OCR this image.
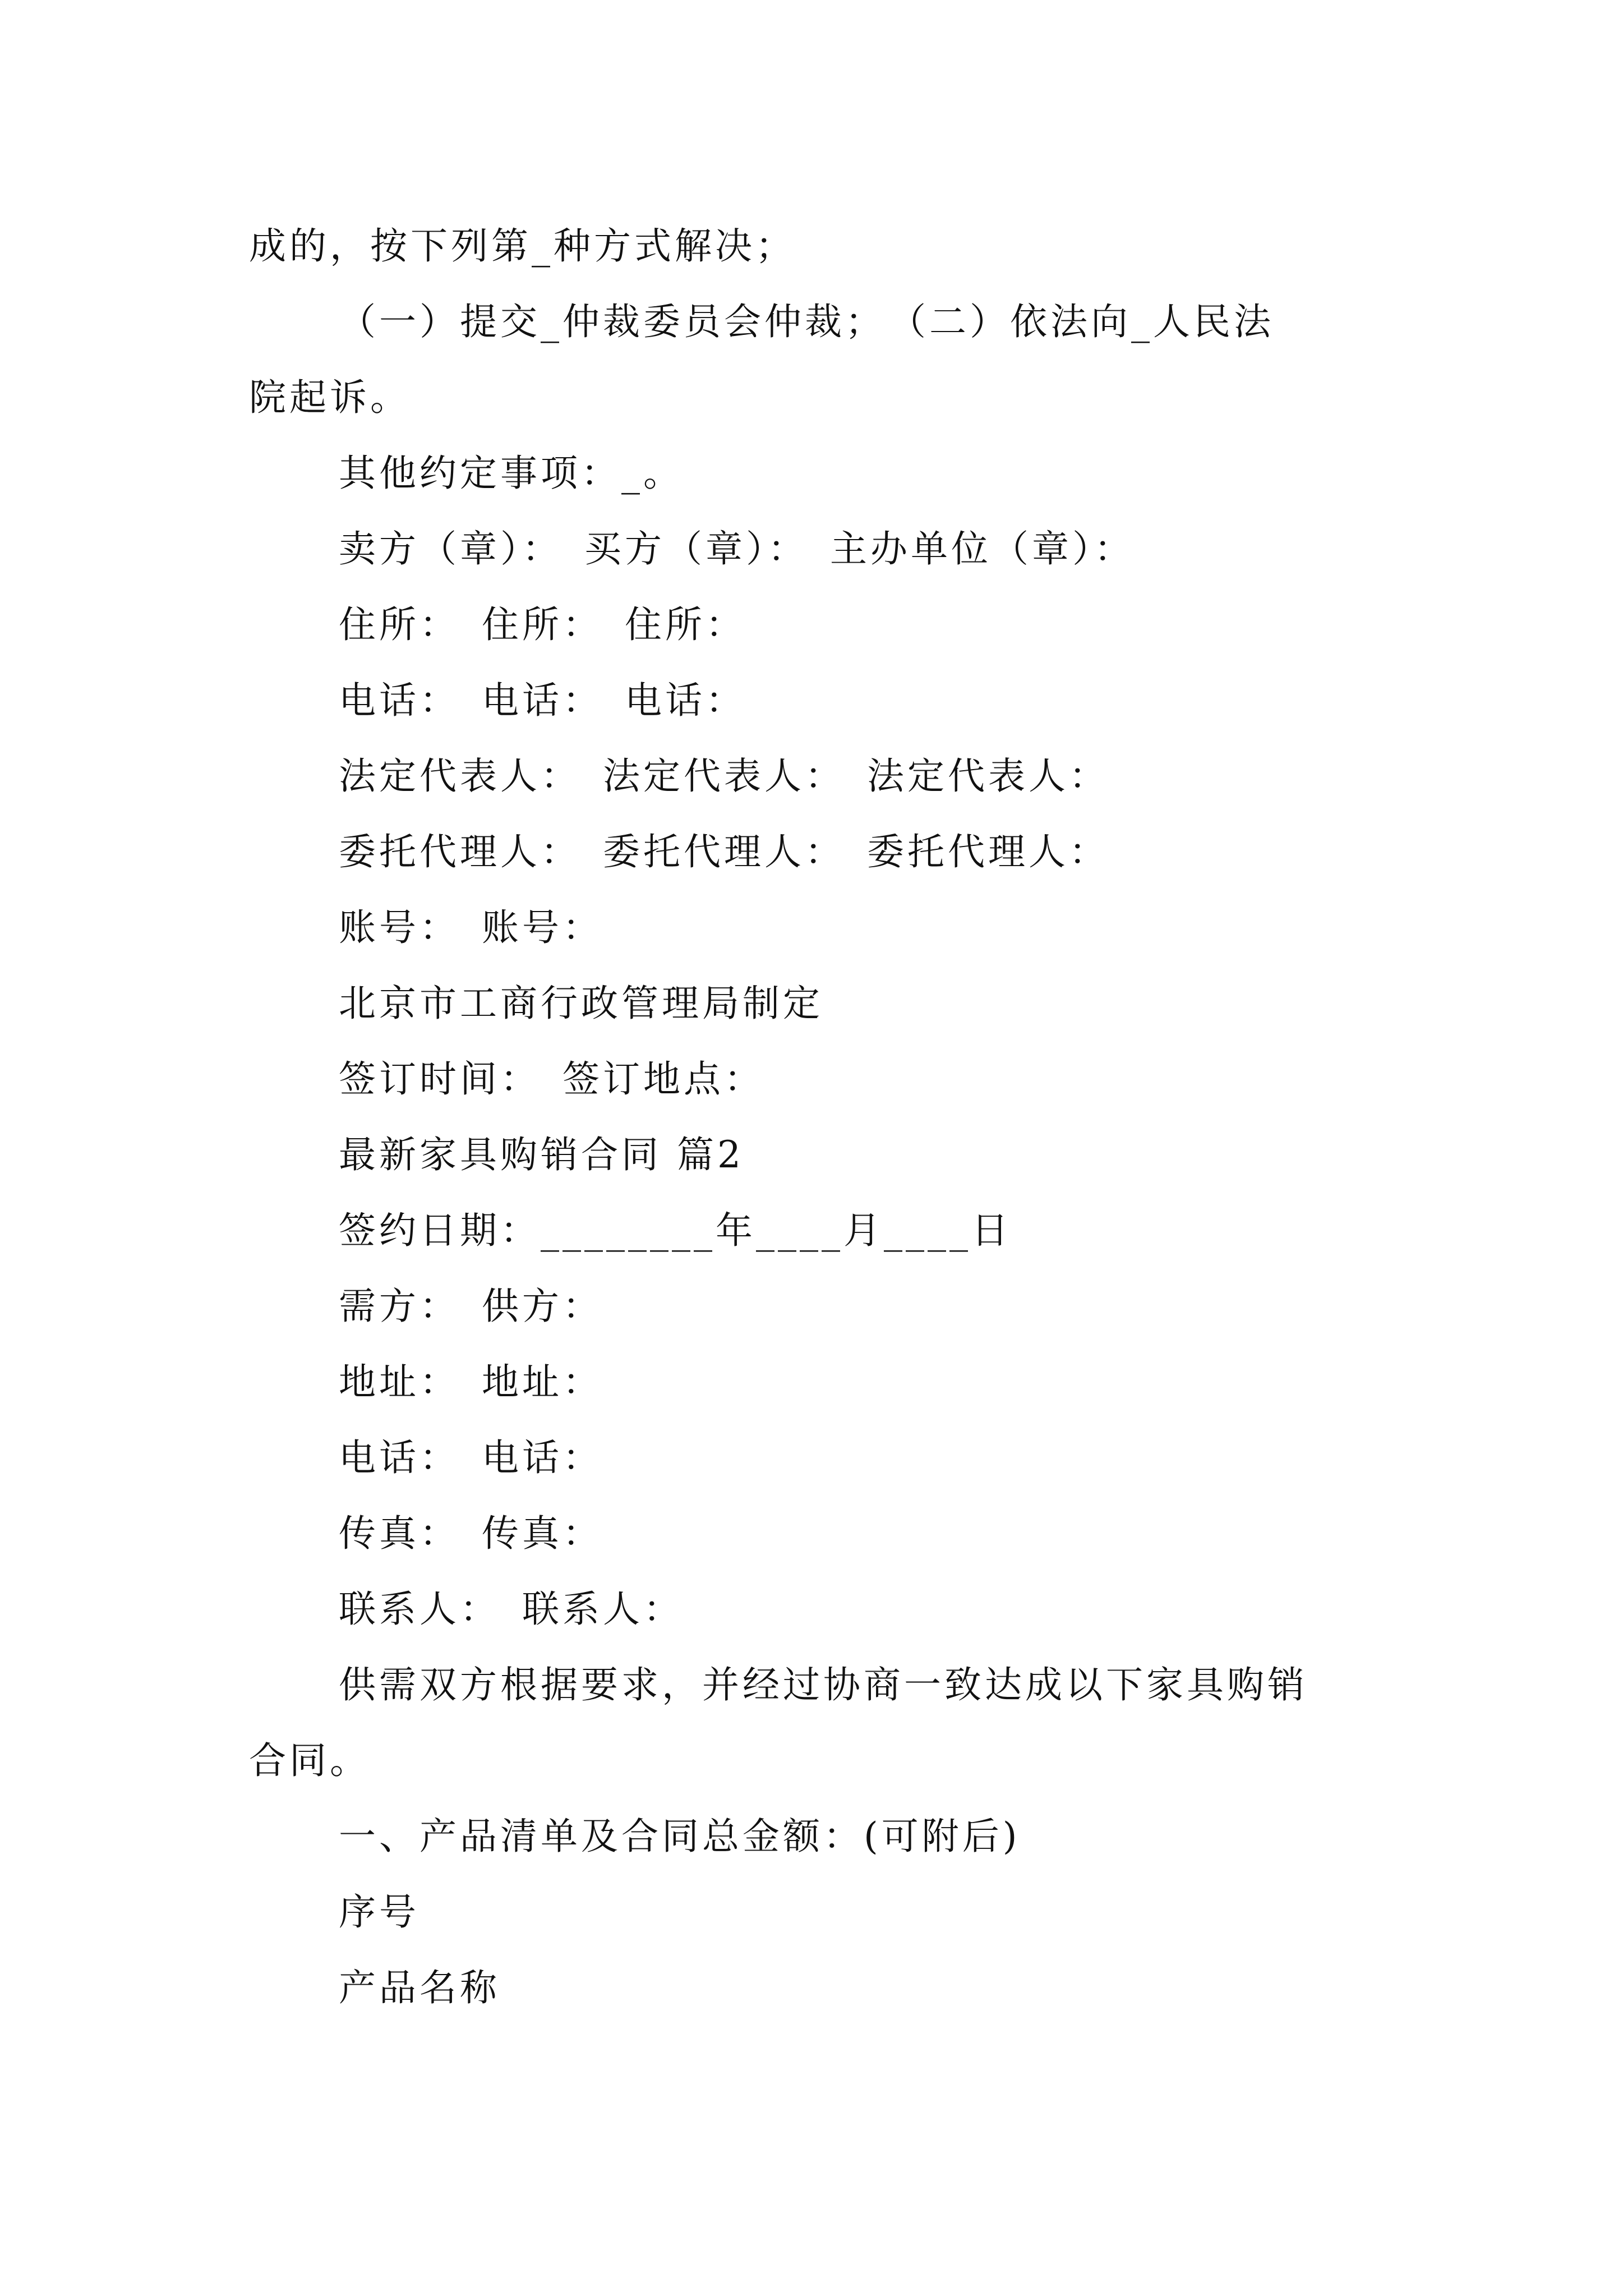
成的，按下列第_种方式解决；
（一）提交_仲裁委员会仲裁；　（二）依法向_人民法
院起诉。
其他约定事项：_。
卖方（章）：　买方（章）：　主办单位（章）：
住所：　住所：　住所：
电话：　电话：　电话：
法定代表人：　法定代表人：　法定代表人：
委托代理人：　委托代理人：　委托代理人：
账号：　账号：
北京市工商行政管理局制定
签订时间：　签订地点：
最新家具购销合同 篇2
签约日期：________年____月____日
需方：　供方：
地址：　地址：
电话：　电话：
传真：　传真：
联系人：　联系人：
供需双方根据要求，并经过协商一致达成以下家具购销
合同。
一、产品清单及合同总金额：(可附后)
序号
产品名称
